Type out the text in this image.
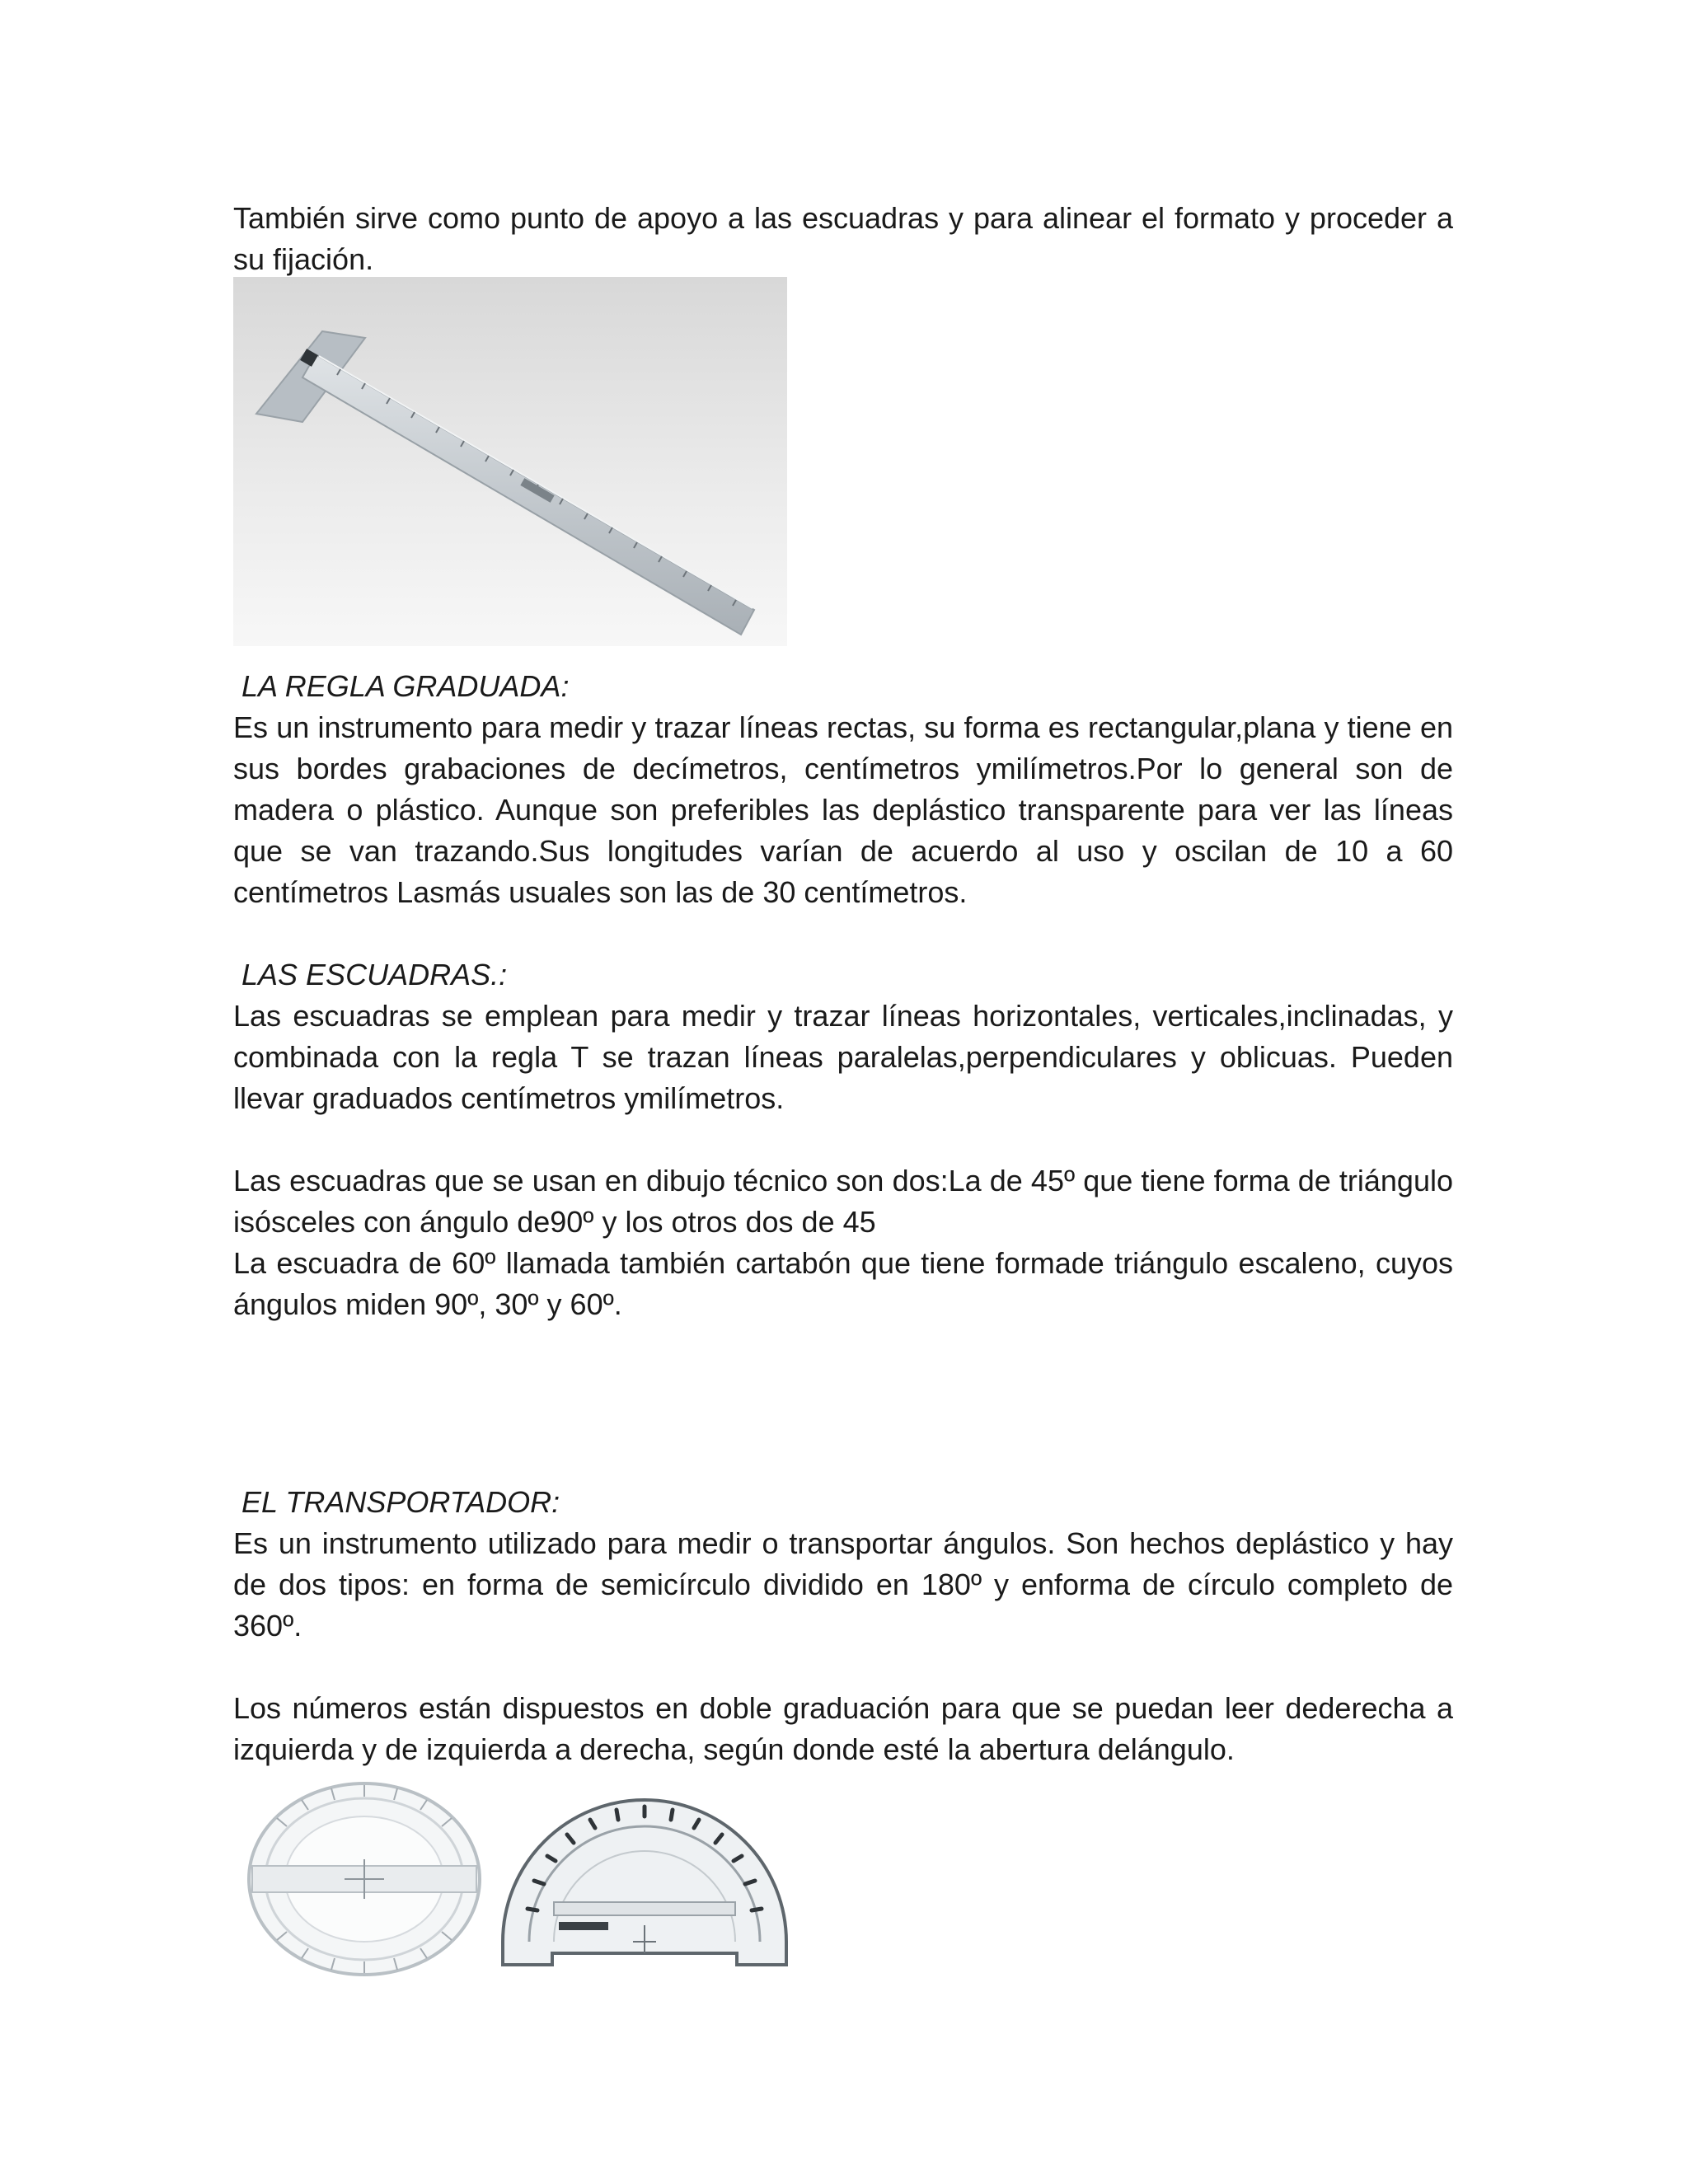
También sirve como punto de apoyo a las escuadras y para alinear el formato y proceder a su fijación.

LA REGLA GRADUADA:

Es un instrumento para medir y trazar líneas rectas, su forma es rectangular,plana y tiene en sus bordes grabaciones de decímetros, centímetros ymilímetros.Por lo general son de madera o plástico. Aunque son preferibles las deplástico transparente para ver las líneas que se van trazando.Sus longitudes varían de acuerdo al uso y oscilan de 10 a 60 centímetros Lasmás usuales son las de 30 centímetros.

LAS ESCUADRAS.:

Las escuadras se emplean para medir y trazar líneas horizontales, verticales,inclinadas, y combinada con la regla T se trazan líneas paralelas,perpendiculares y oblicuas. Pueden llevar graduados centímetros ymilímetros.

Las escuadras que se usan en dibujo técnico son dos:La de 45º que tiene forma de triángulo isósceles con ángulo de90º y los otros dos de 45

La escuadra de 60º llamada también cartabón que tiene formade triángulo escaleno, cuyos ángulos miden 90º, 30º y 60º.

EL TRANSPORTADOR:

Es un instrumento utilizado para medir o transportar ángulos. Son hechos deplástico y hay de dos tipos: en forma de semicírculo dividido en 180º y enforma de círculo completo de 360º.

Los números están dispuestos en doble graduación para que se puedan leer dederecha a izquierda y de izquierda a derecha, según donde esté la abertura delángulo.
